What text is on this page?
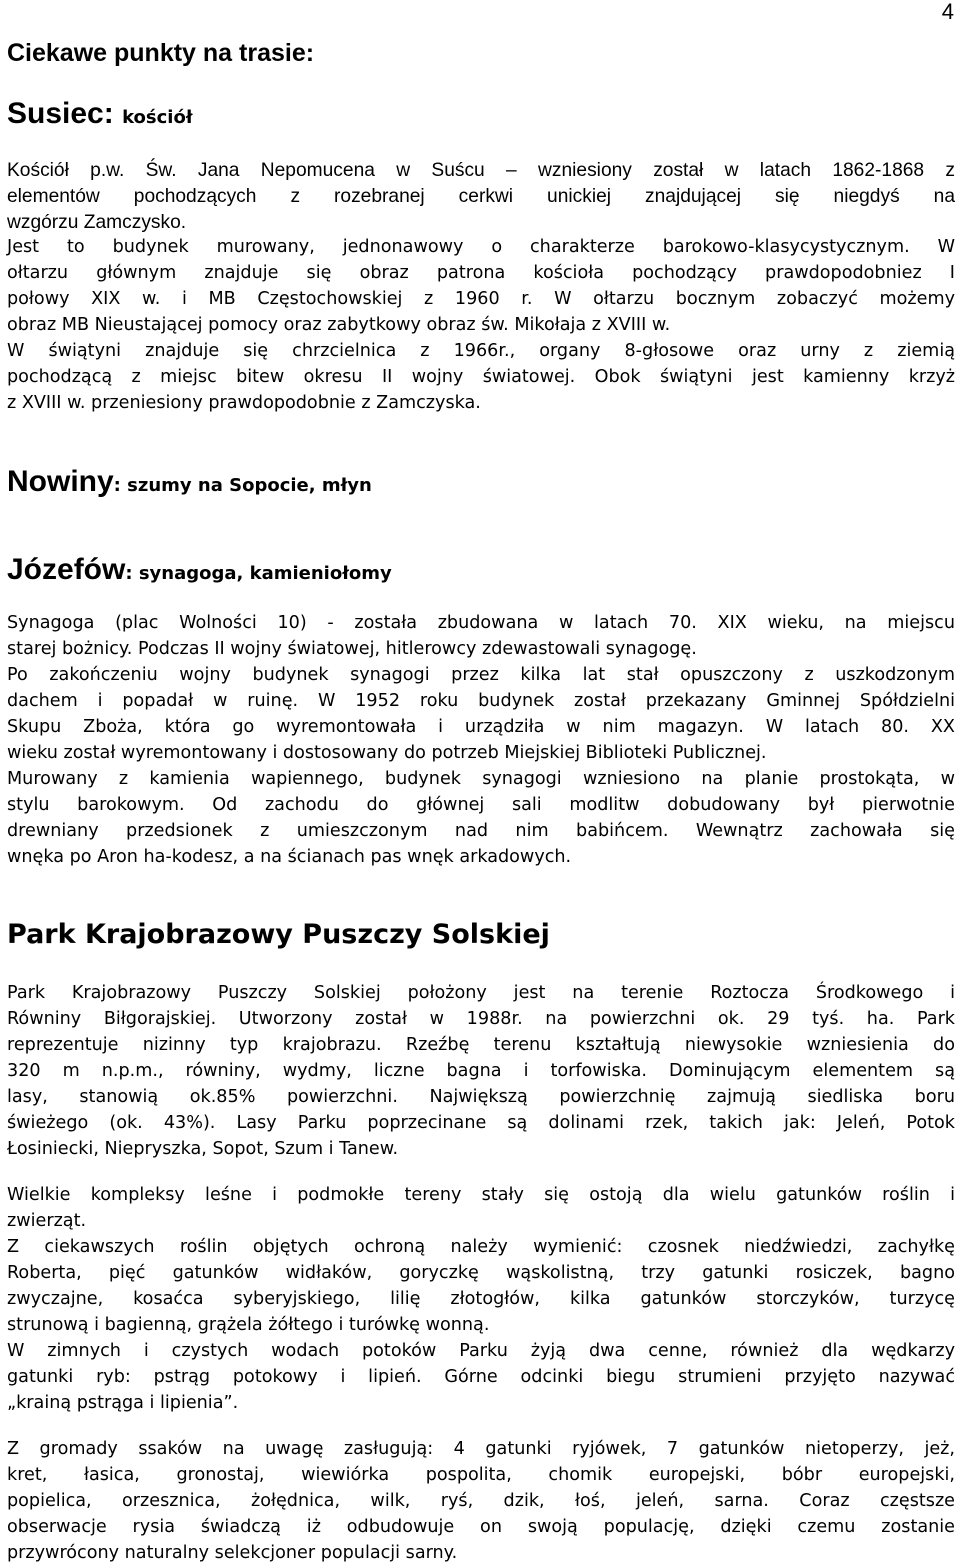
4
Ciekawe punkty na trasie:
Susiec: kościół

Kościół p.w. Św. Jana Nepomucena w Suścu – wzniesiony został w latach 1862-1868 z
elementów pochodzących z rozebranej cerkwi unickiej znajdującej się niegdyś na
wzgórzu Zamczysko.

Jest to budynek murowany, jednonawowy o charakterze barokowo-klasycystycznym. W
ołtarzu głównym znajduje się obraz patrona kościoła pochodzący prawdopodobniez I
połowy XIX w. i MB Częstochowskiej z 1960 r. W ołtarzu bocznym zobaczyć możemy
obraz MB Nieustającej pomocy oraz zabytkowy obraz św. Mikołaja z XVIII w.
W świątyni znajduje się chrzcielnica z 1966r., organy 8-głosowe oraz urny z ziemią
pochodzącą z miejsc bitew okresu II wojny światowej. Obok świątyni jest kamienny krzyż
z XVIII w. przeniesiony prawdopodobnie z Zamczyska.

Nowiny: szumy na Sopocie, młyn
Józefów: synagoga, kamieniołomy

Synagoga (plac Wolności 10) - została zbudowana w latach 70. XIX wieku, na miejscu
starej bożnicy. Podczas II wojny światowej, hitlerowcy zdewastowali synagogę.
Po zakończeniu wojny budynek synagogi przez kilka lat stał opuszczony z uszkodzonym
dachem i popadał w ruinę. W 1952 roku budynek został przekazany Gminnej Spółdzielni
Skupu Zboża, która go wyremontowała i urządziła w nim magazyn. W latach 80. XX
wieku został wyremontowany i dostosowany do potrzeb Miejskiej Biblioteki Publicznej.
Murowany z kamienia wapiennego, budynek synagogi wzniesiono na planie prostokąta, w
stylu barokowym. Od zachodu do głównej sali modlitw dobudowany był pierwotnie
drewniany przedsionek z umieszczonym nad nim babińcem. Wewnątrz zachowała się
wnęka po Aron ha-kodesz, a na ścianach pas wnęk arkadowych.

Park Krajobrazowy Puszczy Solskiej

Park Krajobrazowy Puszczy Solskiej położony jest na terenie Roztocza Środkowego i
Równiny Biłgorajskiej. Utworzony został w 1988r. na powierzchni ok. 29 tyś. ha. Park
reprezentuje nizinny typ krajobrazu. Rzeźbę terenu kształtują niewysokie wzniesienia do
320 m n.p.m., równiny, wydmy, liczne bagna i torfowiska. Dominującym elementem są
lasy, stanowią ok.85% powierzchni. Największą powierzchnię zajmują siedliska boru
świeżego (ok. 43%). Lasy Parku poprzecinane są dolinami rzek, takich jak: Jeleń, Potok
Łosiniecki, Niepryszka, Sopot, Szum i Tanew.

Wielkie kompleksy leśne i podmokłe tereny stały się ostoją dla wielu gatunków roślin i
zwierząt.

Z ciekawszych roślin objętych ochroną należy wymienić: czosnek niedźwiedzi, zachyłkę
Roberta, pięć gatunków widłaków, goryczkę wąskolistną, trzy gatunki rosiczek, bagno
zwyczajne, kosaćca syberyjskiego, lilię złotogłów, kilka gatunków storczyków, turzycę
strunową i bagienną, grążela żółtego i turówkę wonną.

W zimnych i czystych wodach potoków Parku żyją dwa cenne, również dla wędkarzy
gatunki ryb: pstrąg potokowy i lipień. Górne odcinki biegu strumieni przyjęto nazywać
„krainą pstrąga i lipienia”.

Z gromady ssaków na uwagę zasługują: 4 gatunki ryjówek, 7 gatunków nietoperzy, jeż,
kret, łasica, gronostaj, wiewiórka pospolita, chomik europejski, bóbr europejski,
popielica, orzesznica, żołędnica, wilk, ryś, dzik, łoś, jeleń, sarna. Coraz częstsze
obserwacje rysia świadczą iż odbudowuje on swoją populację, dzięki czemu zostanie
przywrócony naturalny selekcjoner populacji sarny.
